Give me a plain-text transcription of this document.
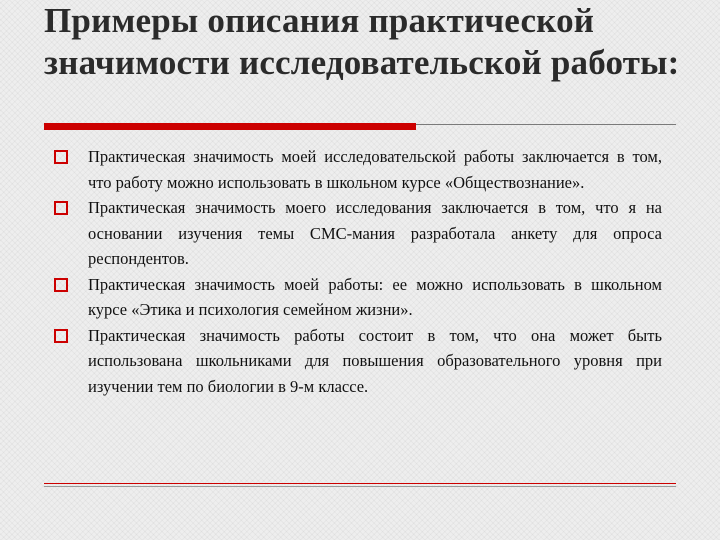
Примеры описания практической значимости исследовательской работы:
Практическая значимость моей исследовательской работы заключается в том, что работу можно использовать в школьном курсе «Обществознание».
Практическая значимость моего исследования заключается в том, что я на основании изучения темы СМС-мания разработала анкету для опроса респондентов.
Практическая значимость моей работы: ее можно использовать в школьном курсе «Этика и психология семейном жизни».
Практическая значимость работы состоит в том, что она может быть использована школьниками для повышения образовательного уровня при изучении тем по биологии в 9-м классе.
